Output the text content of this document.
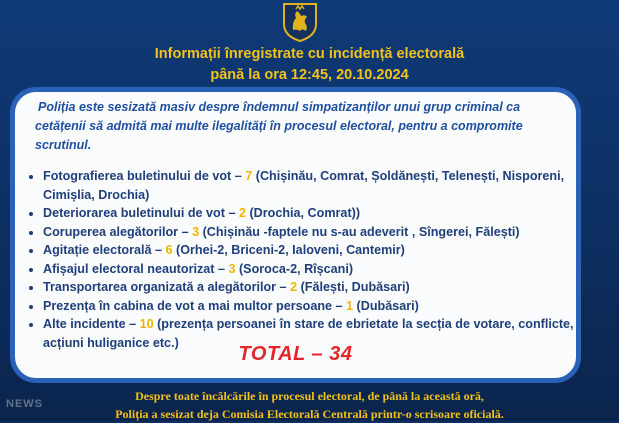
Informații înregistrate cu incidență electorală
până la ora 12:45, 20.10.2024
Poliția este sesizată masiv despre îndemnul simpatizanților unui grup criminal ca cetățenii să admită mai multe ilegalități în procesul electoral, pentru a compromite scrutinul.
• Fotografierea buletinului de vot – 7 (Chișinău, Comrat, Șoldănești, Telenești, Nisporeni, Cimișlia, Drochia)
• Deteriorarea buletinului de vot – 2 (Drochia, Comrat))
• Coruperea alegătorilor – 3 (Chișinău -faptele nu s-au adeverit , Sîngerei, Fălești)
• Agitație electorală – 6 (Orhei-2, Briceni-2, Ialoveni, Cantemir)
• Afișajul electoral neautorizat – 3 (Soroca-2, Rîșcani)
• Transportarea organizată a alegătorilor – 2 (Fălești, Dubăsari)
• Prezența în cabina de vot a mai multor persoane – 1 (Dubăsari)
• Alte incidente – 10 (prezența persoanei în stare de ebrietate la secția de votare, conflicte, acțiuni huliganice etc.)
TOTAL – 34
Despre toate încălcările în procesul electoral, de până la această oră,
Poliția a sesizat deja Comisia Electorală Centrală printr-o scrisoare oficială.
NEWS
